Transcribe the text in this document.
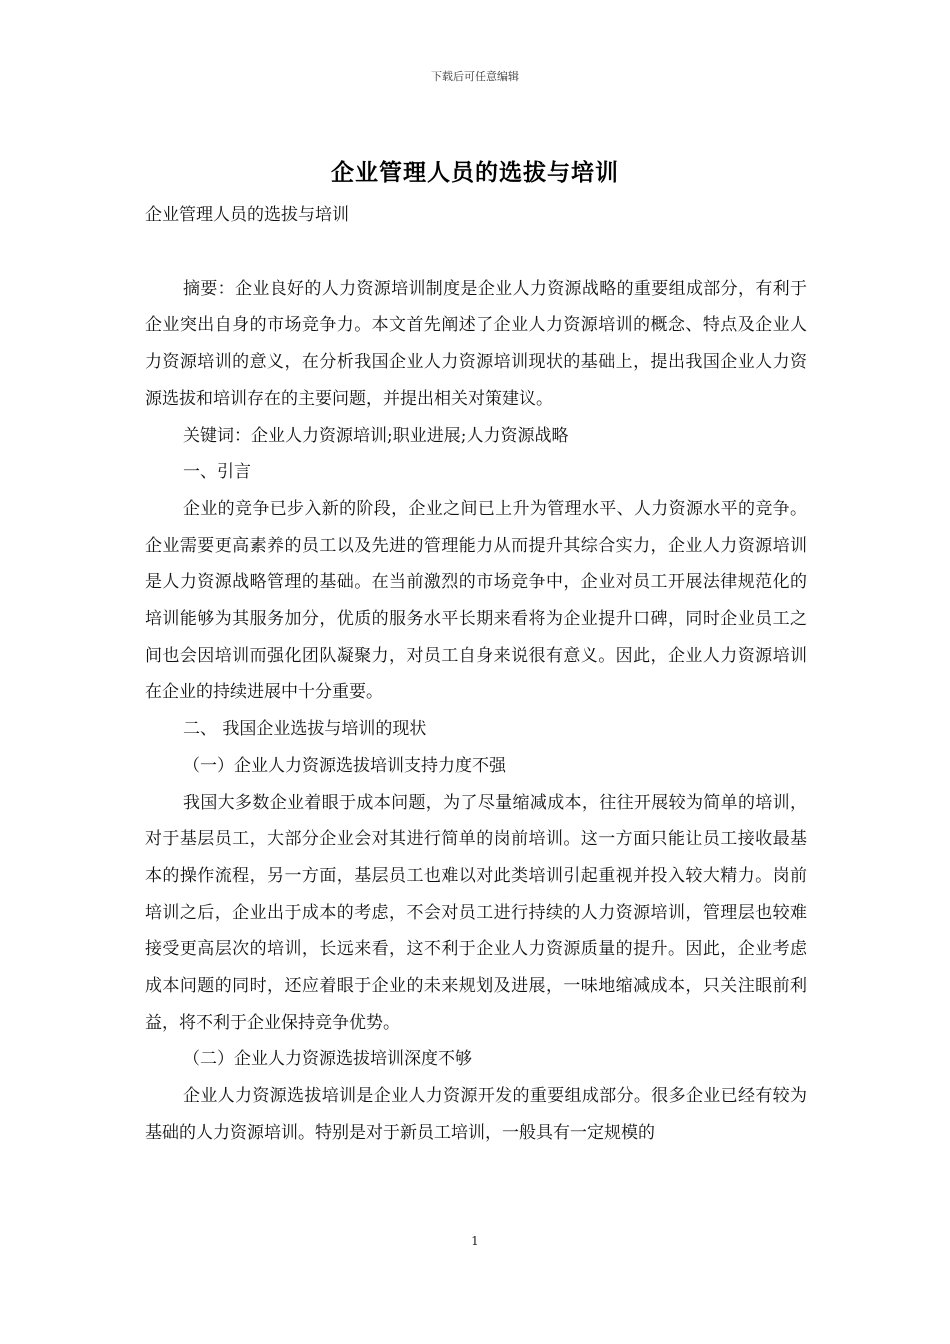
下载后可任意编辑
企业管理人员的选拔与培训

企业管理人员的选拔与培训

摘要：企业良好的人力资源培训制度是企业人力资源战略的重要组成部分，有利于企业突出自身的市场竞争力。本文首先阐述了企业人力资源培训的概念、特点及企业人力资源培训的意义，在分析我国企业人力资源培训现状的基础上，提出我国企业人力资源选拔和培训存在的主要问题，并提出相关对策建议。

关键词：企业人力资源培训;职业进展;人力资源战略

一、引言

企业的竞争已步入新的阶段，企业之间已上升为管理水平、人力资源水平的竞争。企业需要更高素养的员工以及先进的管理能力从而提升其综合实力，企业人力资源培训是人力资源战略管理的基础。在当前激烈的市场竞争中，企业对员工开展法律规范化的培训能够为其服务加分，优质的服务水平长期来看将为企业提升口碑，同时企业员工之间也会因培训而强化团队凝聚力，对员工自身来说很有意义。因此，企业人力资源培训在企业的持续进展中十分重要。

二、 我国企业选拔与培训的现状

（一）企业人力资源选拔培训支持力度不强

我国大多数企业着眼于成本问题，为了尽量缩减成本，往往开展较为简单的培训，对于基层员工，大部分企业会对其进行简单的岗前培训。这一方面只能让员工接收最基本的操作流程，另一方面，基层员工也难以对此类培训引起重视并投入较大精力。岗前培训之后，企业出于成本的考虑，不会对员工进行持续的人力资源培训，管理层也较难接受更高层次的培训，长远来看，这不利于企业人力资源质量的提升。因此，企业考虑成本问题的同时，还应着眼于企业的未来规划及进展，一味地缩减成本，只关注眼前利益，将不利于企业保持竞争优势。

（二）企业人力资源选拔培训深度不够

企业人力资源选拔培训是企业人力资源开发的重要组成部分。很多企业已经有较为基础的人力资源培训。特别是对于新员工培训，一般具有一定规模的

1
